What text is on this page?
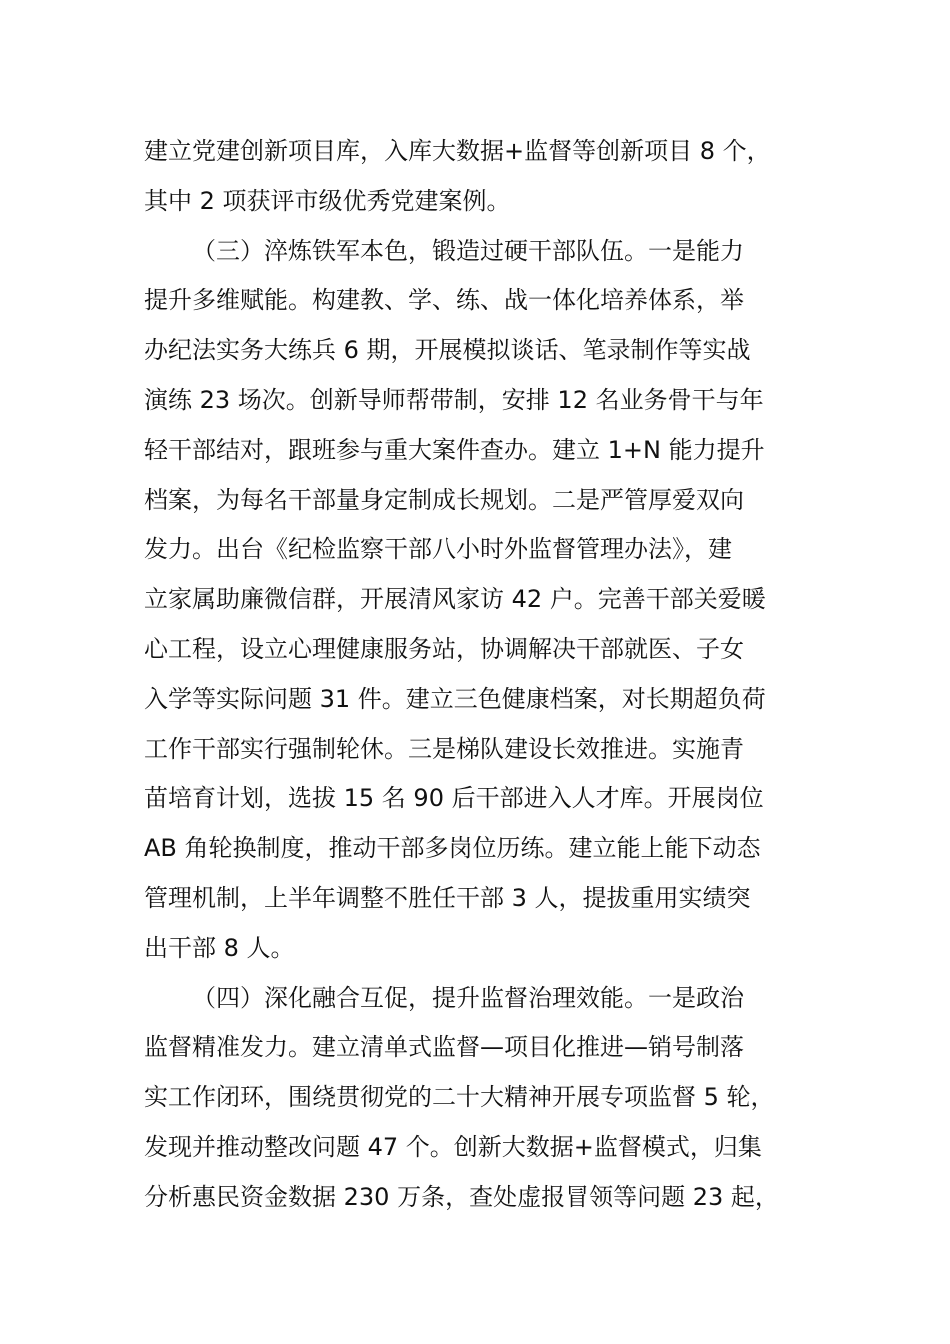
建立党建创新项目库，入库大数据+监督等创新项目 8 个，
其中 2 项获评市级优秀党建案例。
（三）淬炼铁军本色，锻造过硬干部队伍。一是能力
提升多维赋能。构建教、学、练、战一体化培养体系，举
办纪法实务大练兵 6 期，开展模拟谈话、笔录制作等实战
演练 23 场次。创新导师帮带制，安排 12 名业务骨干与年
轻干部结对，跟班参与重大案件查办。建立 1+N 能力提升
档案，为每名干部量身定制成长规划。二是严管厚爱双向
发力。出台《纪检监察干部八小时外监督管理办法》，建
立家属助廉微信群，开展清风家访 42 户。完善干部关爱暖
心工程，设立心理健康服务站，协调解决干部就医、子女
入学等实际问题 31 件。建立三色健康档案，对长期超负荷
工作干部实行强制轮休。三是梯队建设长效推进。实施青
苗培育计划，选拔 15 名 90 后干部进入人才库。开展岗位
AB 角轮换制度，推动干部多岗位历练。建立能上能下动态
管理机制，上半年调整不胜任干部 3 人，提拔重用实绩突
出干部 8 人。
（四）深化融合互促，提升监督治理效能。一是政治
监督精准发力。建立清单式监督—项目化推进—销号制落
实工作闭环，围绕贯彻党的二十大精神开展专项监督 5 轮，
发现并推动整改问题 47 个。创新大数据+监督模式，归集
分析惠民资金数据 230 万条，查处虚报冒领等问题 23 起，
